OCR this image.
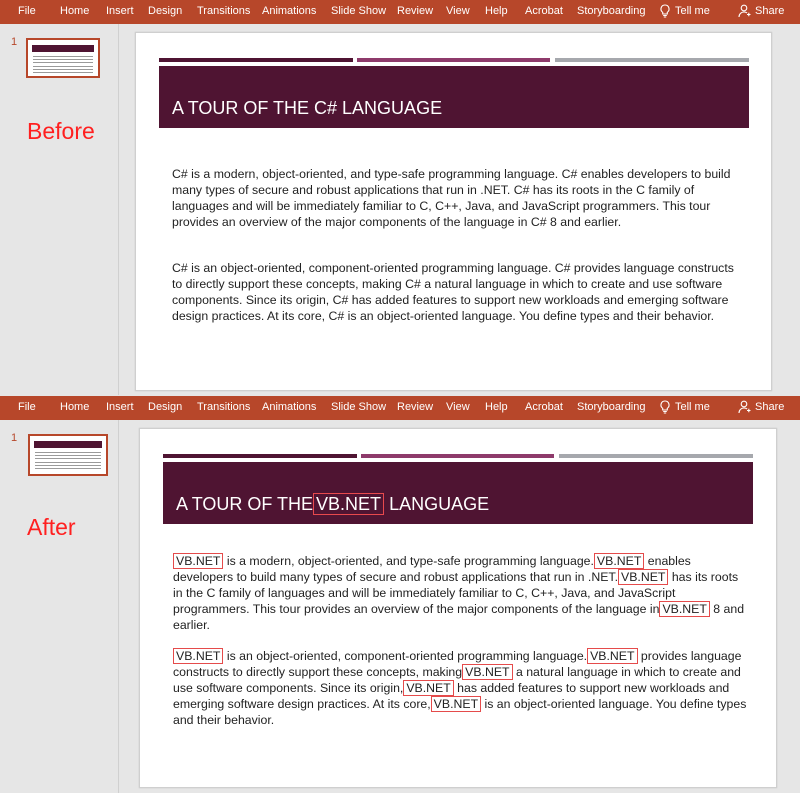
File Home Insert Design Transitions Animations Slide Show Review View Help Acrobat Storyboarding	Tell me	Share
1
Before
A TOUR OF THE C# LANGUAGE

C# is a modern, object-oriented, and type-safe programming language. C# enables developers to build many types of secure and robust applications that run in .NET. C# has its roots in the C family of languages and will be immediately familiar to C, C++, Java, and JavaScript programmers. This tour provides an overview of the major components of the language in C# 8 and earlier.

C# is an object-oriented, component-oriented programming language. C# provides language constructs to directly support these concepts, making C# a natural language in which to create and use software components. Since its origin, C# has added features to support new workloads and emerging software design practices. At its core, C# is an object-oriented language. You define types and their behavior.

File Home Insert Design Transitions Animations Slide Show Review View Help Acrobat Storyboarding	Tell me	Share
1
After
A TOUR OF THE VB.NET LANGUAGE

VB.NET is a modern, object-oriented, and type-safe programming language. VB.NET enables developers to build many types of secure and robust applications that run in .NET. VB.NET has its roots in the C family of languages and will be immediately familiar to C, C++, Java, and JavaScript programmers. This tour provides an overview of the major components of the language in VB.NET 8 and earlier.

VB.NET is an object-oriented, component-oriented programming language. VB.NET provides language constructs to directly support these concepts, making VB.NET a natural language in which to create and use software components. Since its origin, VB.NET has added features to support new workloads and emerging software design practices. At its core, VB.NET is an object-oriented language. You define types and their behavior.
